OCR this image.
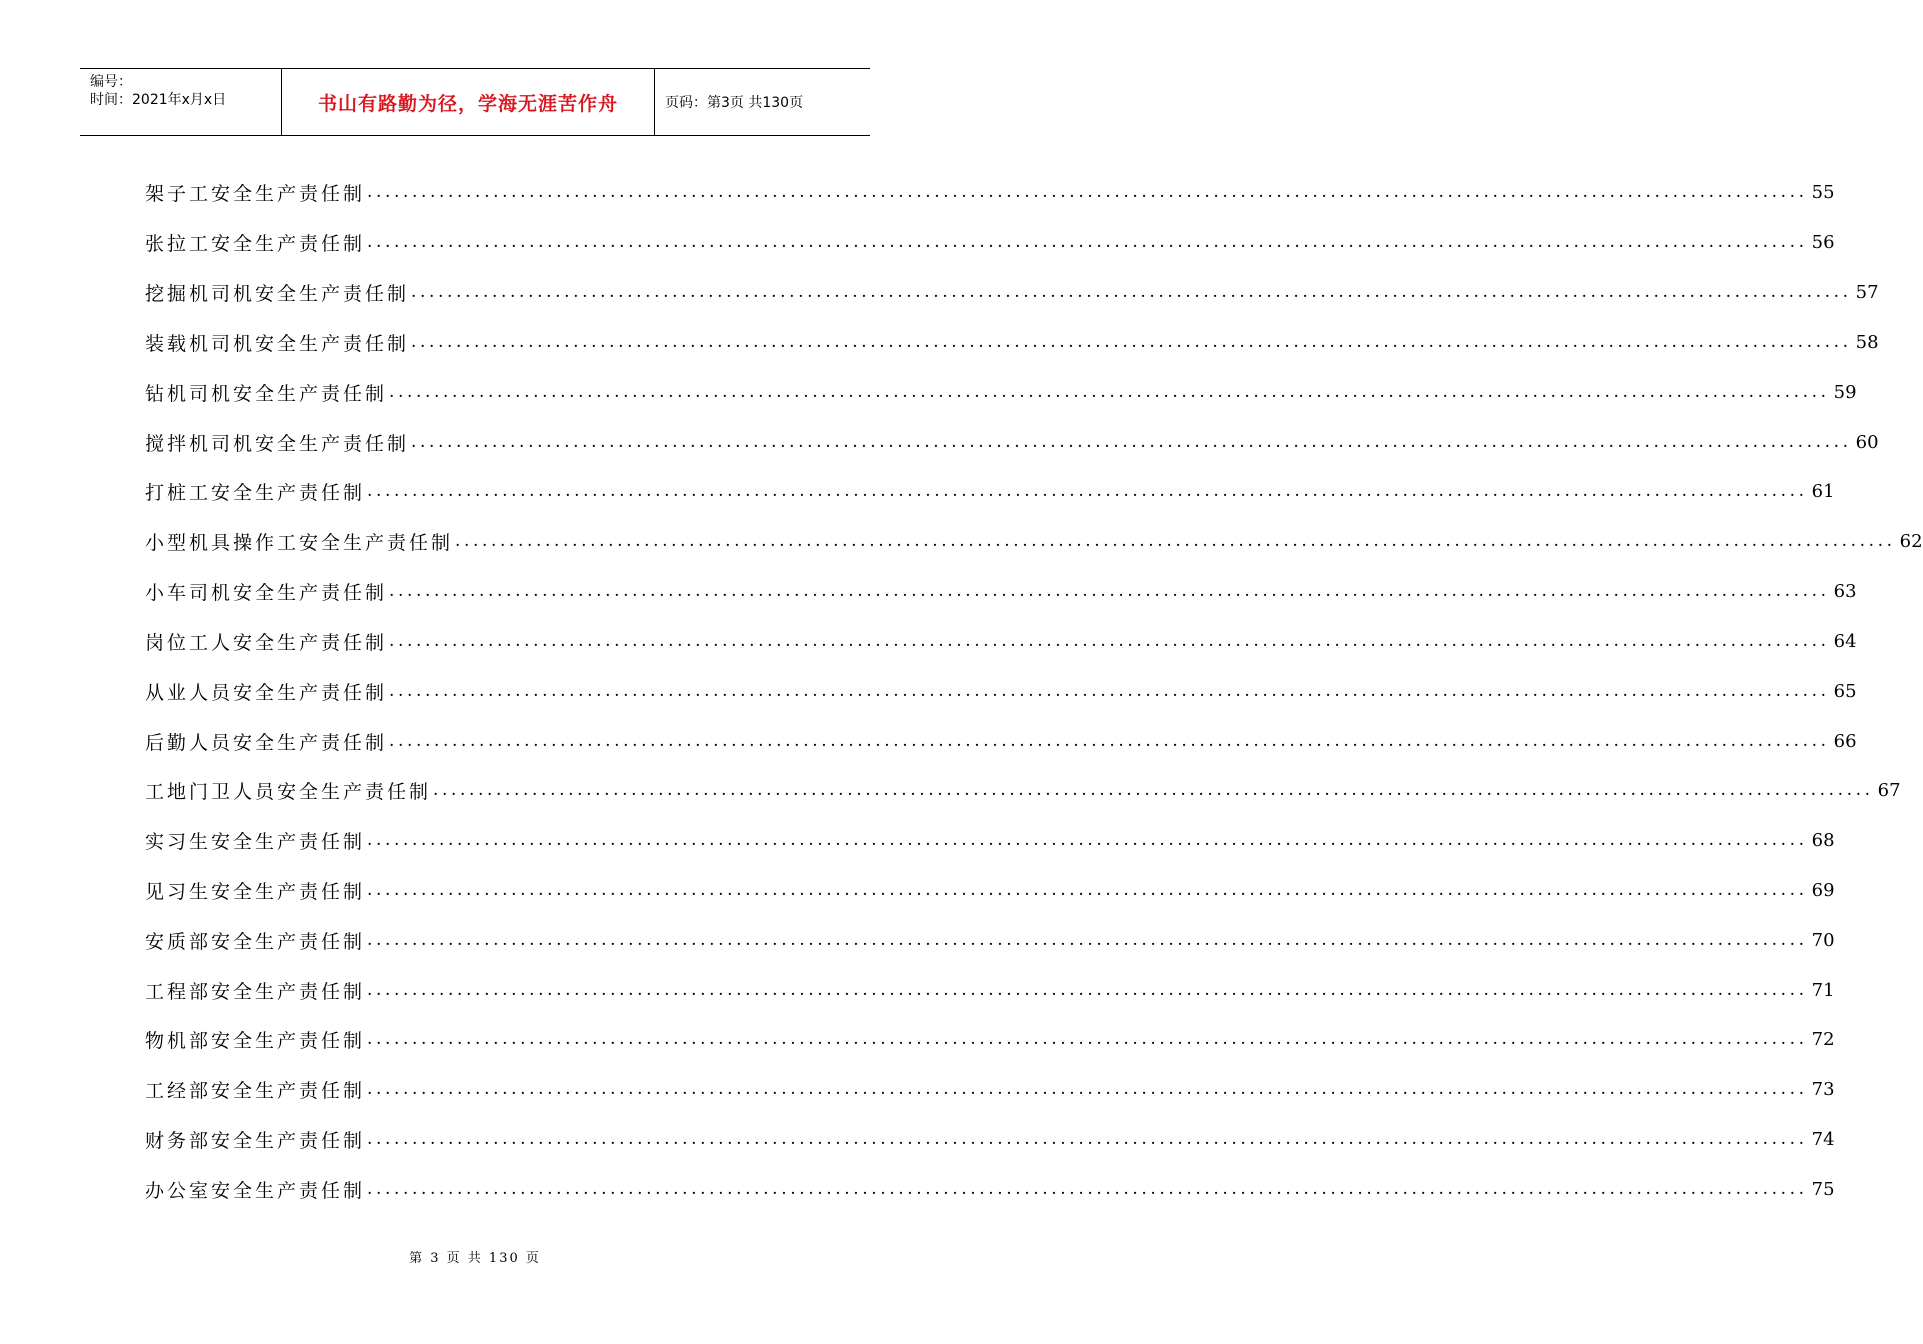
编号：
时间：2021年x月x日	书山有路勤为径，学海无涯苦作舟	页码：第3页 共130页
架子工安全生产责任制 ................................................................................................................................................................ 55
张拉工安全生产责任制 ................................................................................................................................................................ 56
挖掘机司机安全生产责任制 ................................................................................................................................................................ 57
装载机司机安全生产责任制 ................................................................................................................................................................ 58
钻机司机安全生产责任制 ................................................................................................................................................................ 59
搅拌机司机安全生产责任制 ................................................................................................................................................................ 60
打桩工安全生产责任制 ................................................................................................................................................................ 61
小型机具操作工安全生产责任制 ................................................................................................................................................................ 62
小车司机安全生产责任制 ................................................................................................................................................................ 63
岗位工人安全生产责任制 ................................................................................................................................................................ 64
从业人员安全生产责任制 ................................................................................................................................................................ 65
后勤人员安全生产责任制 ................................................................................................................................................................ 66
工地门卫人员安全生产责任制 ................................................................................................................................................................ 67
实习生安全生产责任制 ................................................................................................................................................................ 68
见习生安全生产责任制 ................................................................................................................................................................ 69
安质部安全生产责任制 ................................................................................................................................................................ 70
工程部安全生产责任制 ................................................................................................................................................................ 71
物机部安全生产责任制 ................................................................................................................................................................ 72
工经部安全生产责任制 ................................................................................................................................................................ 73
财务部安全生产责任制 ................................................................................................................................................................ 74
办公室安全生产责任制 ................................................................................................................................................................ 75
第 3 页 共 130 页
